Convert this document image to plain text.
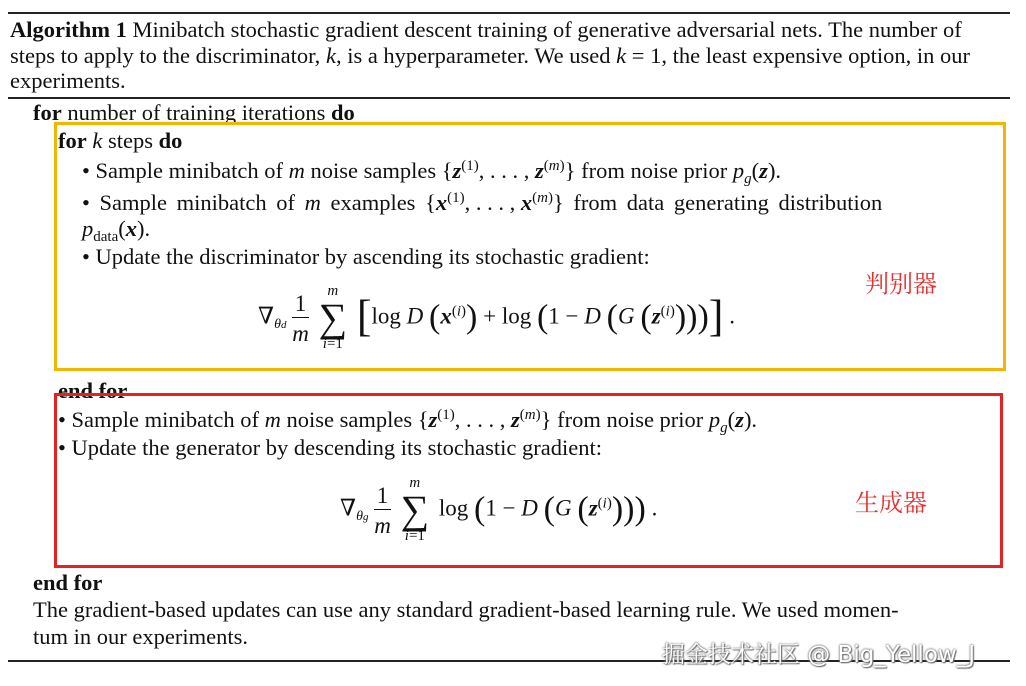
Algorithm 1 Minibatch stochastic gradient descent training of generative adversarial nets. The number of
steps to apply to the discriminator, k, is a hyperparameter. We used k = 1, the least expensive option, in our
experiments.
for number of training iterations do
for k steps do
• Sample minibatch of m noise samples {$z^{(1)}$, . . . , $z^{(m)}$} from noise prior $p_g(z)$.
• Sample minibatch of m examples {$x^{(1)}$, . . . , $x^{(m)}$} from data generating distribution
$p_{data}(x)$.
• Update the discriminator by ascending its stochastic gradient:
$\nabla_{\theta d} \frac{1}{m}$

m
∑
i=1
[log D $(x^{(i)}) + \log (1 - D$ (G $(z^{(i)})$))] .
判别器
end for
• Sample minibatch of m noise samples {$z^{(1)}$, . . . , $z^{(m)}$} from noise prior $p_g(z)$.
• Update the generator by descending its stochastic gradient:
$\nabla_{\theta g} \frac{1}{m}$

m
∑
i=1
log (1 − D (G $(z^{(i)})$)) .	生成器
end for
The gradient-based updates can use any standard gradient-based learning rule. We used momen-
tum in our experiments.
掘金技术社区 @ Big_Yellow_J
